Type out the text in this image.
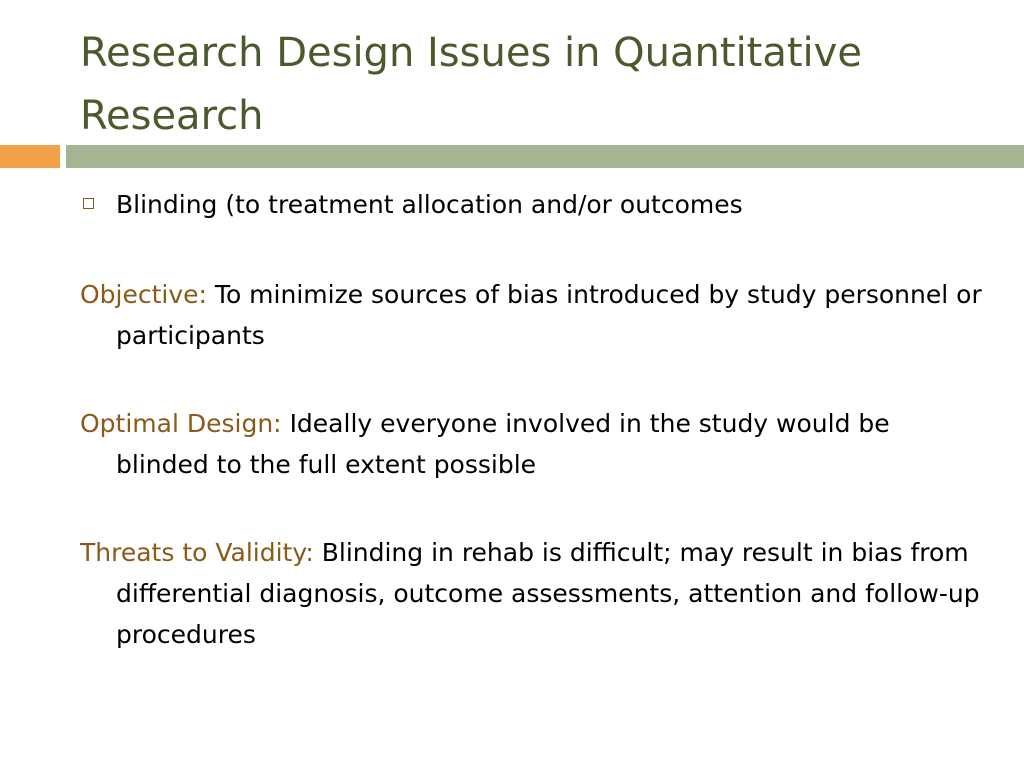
Research Design Issues in Quantitative Research
Blinding (to treatment allocation and/or outcomes
Objective: To minimize sources of bias introduced by study personnel or participants
Optimal Design: Ideally everyone involved in the study would be blinded to the full extent possible
Threats to Validity: Blinding in rehab is difficult; may result in bias from differential diagnosis, outcome assessments, attention and follow-up procedures
